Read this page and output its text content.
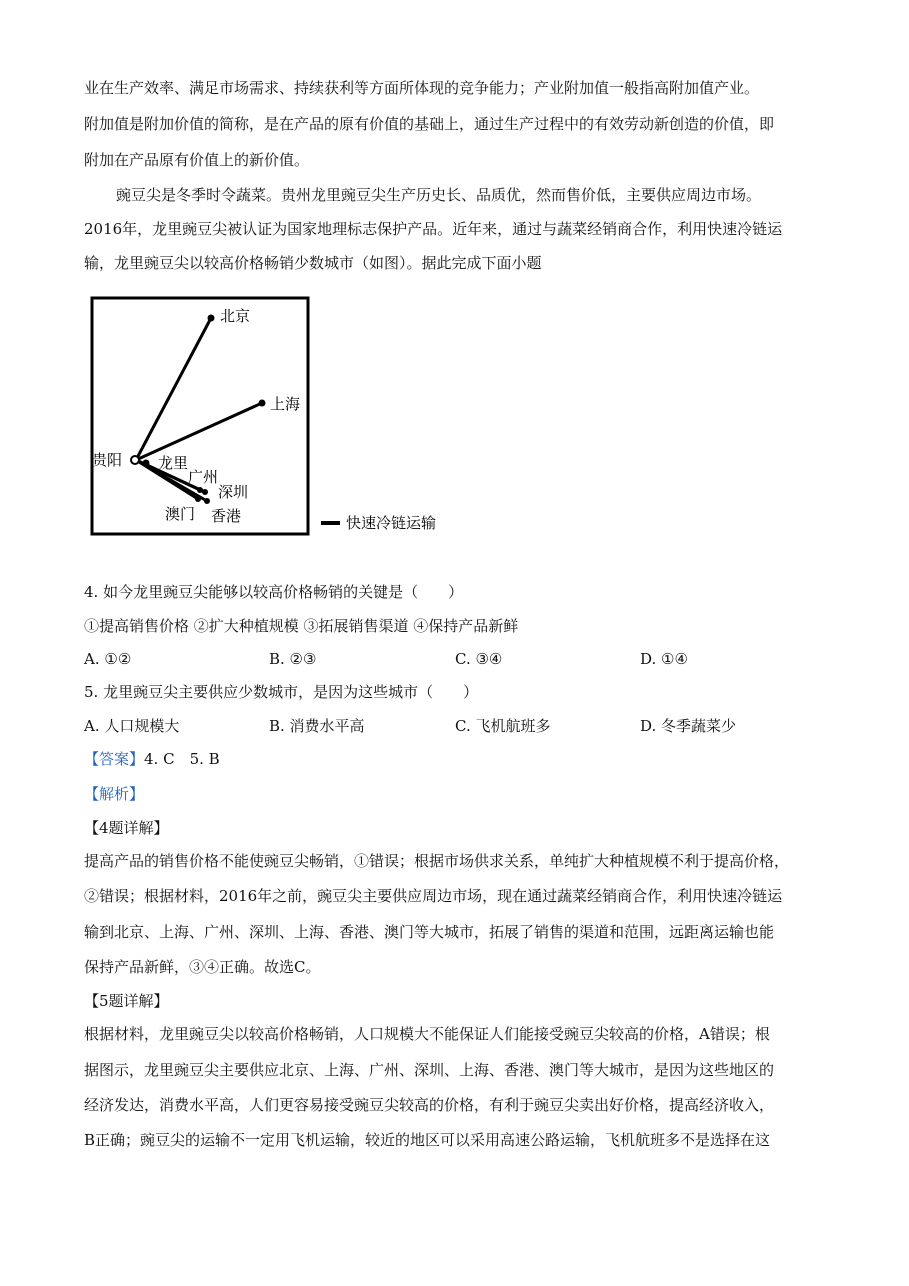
业在生产效率、满足市场需求、持续获利等方面所体现的竞争能力；产业附加值一般指高附加值产业。
附加值是附加价值的简称，是在产品的原有价值的基础上，通过生产过程中的有效劳动新创造的价值，即
附加在产品原有价值上的新价值。
豌豆尖是冬季时令蔬菜。贵州龙里豌豆尖生产历史长、品质优，然而售价低，主要供应周边市场。
2016年，龙里豌豆尖被认证为国家地理标志保护产品。近年来，通过与蔬菜经销商合作，利用快速冷链运
输，龙里豌豆尖以较高价格畅销少数城市（如图）。据此完成下面小题
北京
上海
贵阳 龙里
广州
深圳
澳门 香港	快速冷链运输
4. 如今龙里豌豆尖能够以较高价格畅销的关键是（　　）
①提高销售价格 ②扩大种植规模 ③拓展销售渠道 ④保持产品新鲜
A. ①②	B. ②③	C. ③④	D. ①④
5. 龙里豌豆尖主要供应少数城市，是因为这些城市（　　）
A. 人口规模大	B. 消费水平高	C. 飞机航班多	D. 冬季蔬菜少
【答案】4. C　5. B
【解析】
【4题详解】
提高产品的销售价格不能使豌豆尖畅销，①错误；根据市场供求关系，单纯扩大种植规模不利于提高价格，
②错误；根据材料，2016年之前，豌豆尖主要供应周边市场，现在通过蔬菜经销商合作，利用快速冷链运
输到北京、上海、广州、深圳、上海、香港、澳门等大城市，拓展了销售的渠道和范围，远距离运输也能
保持产品新鲜，③④正确。故选C。
【5题详解】
根据材料，龙里豌豆尖以较高价格畅销，人口规模大不能保证人们能接受豌豆尖较高的价格，A错误；根
据图示，龙里豌豆尖主要供应北京、上海、广州、深圳、上海、香港、澳门等大城市，是因为这些地区的
经济发达，消费水平高，人们更容易接受豌豆尖较高的价格，有利于豌豆尖卖出好价格，提高经济收入，
B正确；豌豆尖的运输不一定用飞机运输，较近的地区可以采用高速公路运输，飞机航班多不是选择在这
